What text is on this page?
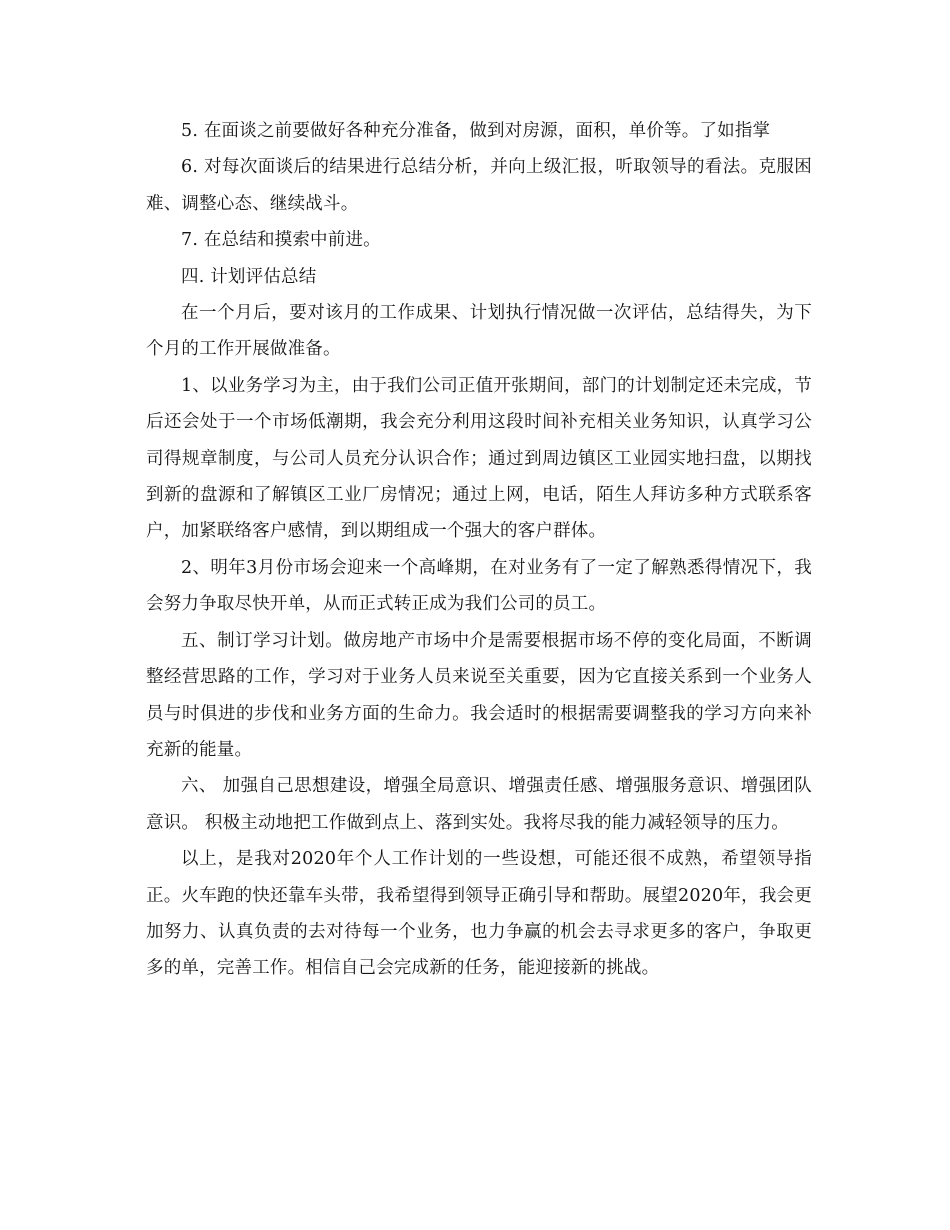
5. 在面谈之前要做好各种充分准备，做到对房源，面积，单价等。了如指掌

6. 对每次面谈后的结果进行总结分析，并向上级汇报，听取领导的看法。克服困难、调整心态、继续战斗。

7. 在总结和摸索中前进。

四. 计划评估总结

在一个月后，要对该月的工作成果、计划执行情况做一次评估，总结得失，为下个月的工作开展做准备。

1、以业务学习为主，由于我们公司正值开张期间，部门的计划制定还未完成，节后还会处于一个市场低潮期，我会充分利用这段时间补充相关业务知识，认真学习公司得规章制度，与公司人员充分认识合作；通过到周边镇区工业园实地扫盘，以期找到新的盘源和了解镇区工业厂房情况；通过上网，电话，陌生人拜访多种方式联系客户，加紧联络客户感情，到以期组成一个强大的客户群体。

2、明年3月份市场会迎来一个高峰期，在对业务有了一定了解熟悉得情况下，我会努力争取尽快开单，从而正式转正成为我们公司的员工。

五、制订学习计划。做房地产市场中介是需要根据市场不停的变化局面，不断调整经营思路的工作，学习对于业务人员来说至关重要，因为它直接关系到一个业务人员与时俱进的步伐和业务方面的生命力。我会适时的根据需要调整我的学习方向来补充新的能量。

六、 加强自己思想建设，增强全局意识、增强责任感、增强服务意识、增强团队意识。 积极主动地把工作做到点上、落到实处。我将尽我的能力减轻领导的压力。

以上，是我对2020年个人工作计划的一些设想，可能还很不成熟，希望领导指正。火车跑的快还靠车头带，我希望得到领导正确引导和帮助。展望2020年，我会更加努力、认真负责的去对待每一个业务，也力争赢的机会去寻求更多的客户，争取更多的单，完善工作。相信自己会完成新的任务，能迎接新的挑战。
